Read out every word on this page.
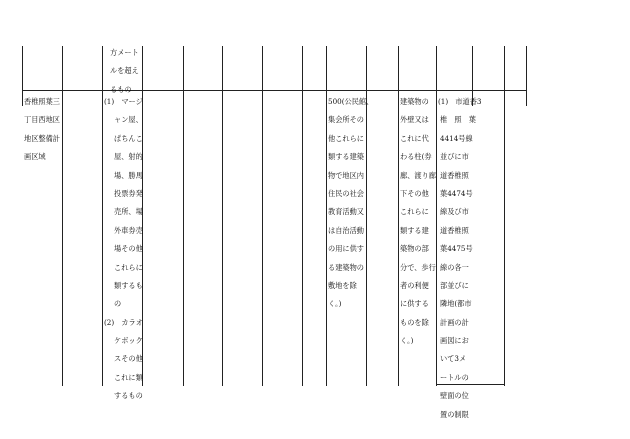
方メート
ルを超え
るもの
香椎照葉三
丁目西地区
地区整備計
画区域
(1)　マージ
ャン屋、
ぱちんこ
屋、射的
場、勝馬
投票券発
売所、場
外車券売
場その他
これらに
類するも
の
(2)　カラオ
ケボック
スその他
これに類
するもの
500(公民館、
集会所その
他これらに
類する建築
物で地区内
住民の社会
教育活動又
は自治活動
の用に供す
る建築物の
敷地を除
く。)
建築物の
外壁又は
これに代
わる柱(券
廊、渡り廊
下その他
これらに
類する建
築物の部
分で、歩行
者の利便
に供する
ものを除
く。)
(1)　市道香3
椎　照　葉
4414号線
並びに市
道香椎照
葉4474号
線及び市
道香椎照
葉4475号
線の各一
部並びに
隣地(都市
計画の計
画図にお
いて3メ
ートルの
壁面の位
置の制限
